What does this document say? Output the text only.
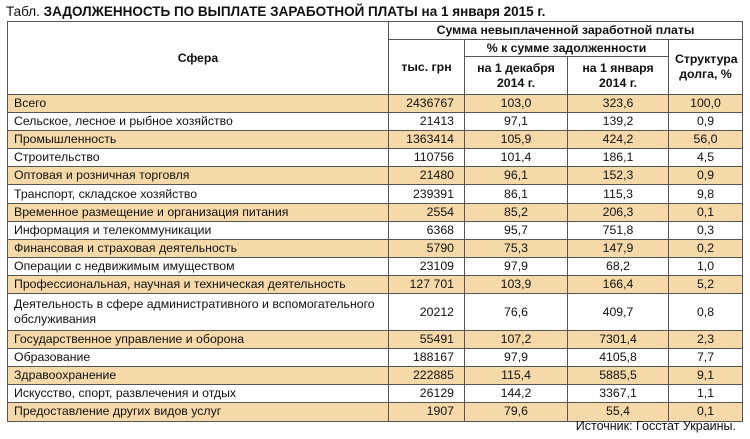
Табл. ЗАДОЛЖЕННОСТЬ ПО ВЫПЛАТЕ ЗАРАБОТНОЙ ПЛАТЫ на 1 января 2015 г.
Сфера	Сумма невыплаченной заработной платы			
	тыс. грн	% к сумме задолженности		Структура долга, %
		на 1 декабря 2014 г.	на 1 января 2014 г.	
Всего	2436767	103,0	323,6	100,0
Сельское, лесное и рыбное хозяйство	21413	97,1	139,2	0,9
Промышленность	1363414	105,9	424,2	56,0
Строительство	110756	101,4	186,1	4,5
Оптовая и розничная торговля	21480	96,1	152,3	0,9
Транспорт, складское хозяйство	239391	86,1	115,3	9,8
Временное размещение и организация питания	2554	85,2	206,3	0,1
Информация и телекоммуникации	6368	95,7	751,8	0,3
Финансовая и страховая деятельность	5790	75,3	147,9	0,2
Операции с недвижимым имуществом	23109	97,9	68,2	1,0
Профессиональная, научная и техническая деятельность	127 701	103,9	166,4	5,2
Деятельность в сфере административного и вспомогательного обслуживания	20212	76,6	409,7	0,8
Государственное управление и оборона	55491	107,2	7301,4	2,3
Образование	188167	97,9	4105,8	7,7
Здравоохранение	222885	115,4	5885,5	9,1
Искусство, спорт, развлечения и отдых	26129	144,2	3367,1	1,1
Предоставление других видов услуг	1907	79,6	55,4	0,1
Источник: Госстат Украины.
